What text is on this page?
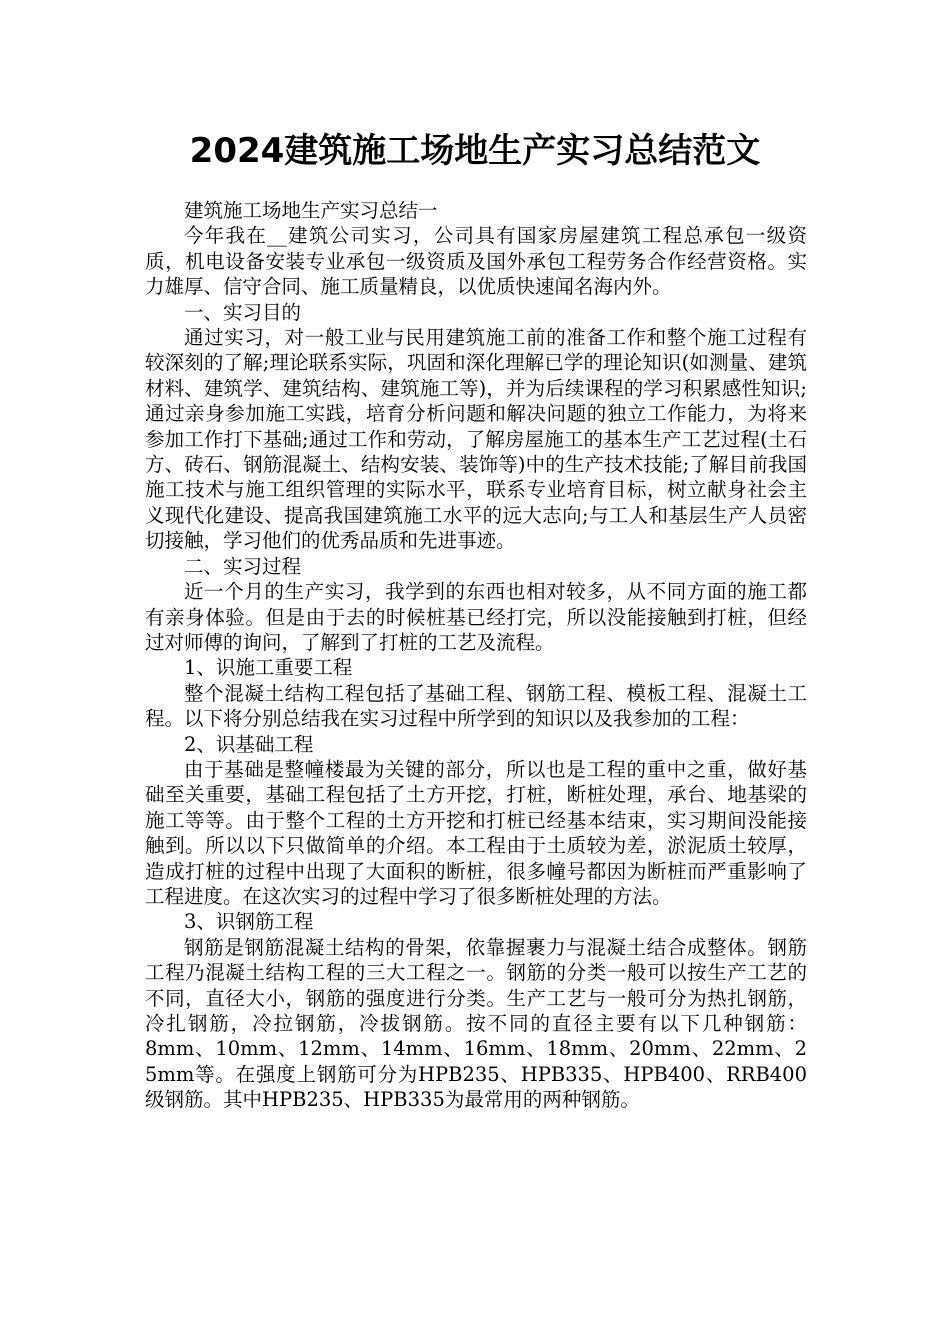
2024建筑施工场地生产实习总结范文

建筑施工场地生产实习总结一

今年我在__建筑公司实习，公司具有国家房屋建筑工程总承包一级资质，机电设备安装专业承包一级资质及国外承包工程劳务合作经营资格。实力雄厚、信守合同、施工质量精良，以优质快速闻名海内外。

一、实习目的

通过实习，对一般工业与民用建筑施工前的准备工作和整个施工过程有较深刻的了解;理论联系实际，巩固和深化理解已学的理论知识(如测量、建筑材料、建筑学、建筑结构、建筑施工等)，并为后续课程的学习积累感性知识;通过亲身参加施工实践，培育分析问题和解决问题的独立工作能力，为将来参加工作打下基础;通过工作和劳动，了解房屋施工的基本生产工艺过程(土石方、砖石、钢筋混凝土、结构安装、装饰等)中的生产技术技能;了解目前我国施工技术与施工组织管理的实际水平，联系专业培育目标，树立献身社会主义现代化建设、提高我国建筑施工水平的远大志向;与工人和基层生产人员密切接触，学习他们的优秀品质和先进事迹。

二、实习过程

近一个月的生产实习，我学到的东西也相对较多，从不同方面的施工都有亲身体验。但是由于去的时候桩基已经打完，所以没能接触到打桩，但经过对师傅的询问，了解到了打桩的工艺及流程。

1、识施工重要工程

整个混凝土结构工程包括了基础工程、钢筋工程、模板工程、混凝土工程。以下将分别总结我在实习过程中所学到的知识以及我参加的工程：

2、识基础工程

由于基础是整幢楼最为关键的部分，所以也是工程的重中之重，做好基础至关重要，基础工程包括了土方开挖，打桩，断桩处理，承台、地基梁的施工等等。由于整个工程的土方开挖和打桩已经基本结束，实习期间没能接触到。所以以下只做简单的介绍。本工程由于土质较为差，淤泥质土较厚，造成打桩的过程中出现了大面积的断桩，很多幢号都因为断桩而严重影响了工程进度。在这次实习的过程中学习了很多断桩处理的方法。

3、识钢筋工程

钢筋是钢筋混凝土结构的骨架，依靠握裹力与混凝土结合成整体。钢筋工程乃混凝土结构工程的三大工程之一。钢筋的分类一般可以按生产工艺的不同，直径大小，钢筋的强度进行分类。生产工艺与一般可分为热扎钢筋，冷扎钢筋，冷拉钢筋，冷拔钢筋。按不同的直径主要有以下几种钢筋：

8mm、10mm、12mm、14mm、16mm、18mm、20mm、22mm、25mm等。在强度上钢筋可分为HPB235、HPB335、HPB400、RRB400级钢筋。其中HPB235、HPB335为最常用的两种钢筋。
